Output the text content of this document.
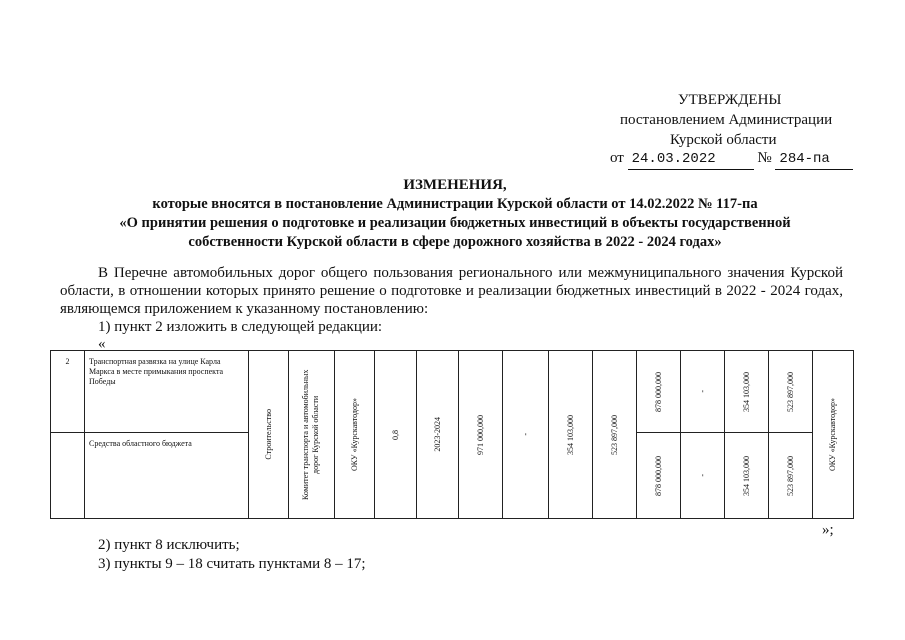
УТВЕРЖДЕНЫ
постановлением Администрации
Курской области
от 24.03.2022	№ 284-па
ИЗМЕНЕНИЯ,
которые вносятся в постановление Администрации Курской области от 14.02.2022 № 117-па
«О принятии решения о подготовке и реализации бюджетных инвестиций в объекты государственной
собственности Курской области в сфере дорожного хозяйства в 2022 - 2024 годах»

В Перечне автомобильных дорог общего пользования регионального или межмуниципального значения Курской области, в отношении которых принято решение о подготовке и реализации бюджетных инвестиций в 2022 - 2024 годах, являющемся приложением к указанному постановлению:

1) пункт 2 изложить в следующей редакции:

«
2	Транспортная развязка на улице Карла Маркса в месте примыкания проспекта Победы	Строительство	Комитет транспорта и автомобильных дорог Курской области	ОКУ «Курскавтодор»	0,8	2023-2024	971 000,000	-	354 103,000	523 897,000	878 000,000	-	354 103,000	523 897,000	ОКУ «Курскавтодор»

	Средства областного бюджета										878 000,000	-	354 103,000	523 897,000	
»;
2) пункт 8 исключить;
3) пункты 9 – 18 считать пунктами 8 – 17;
